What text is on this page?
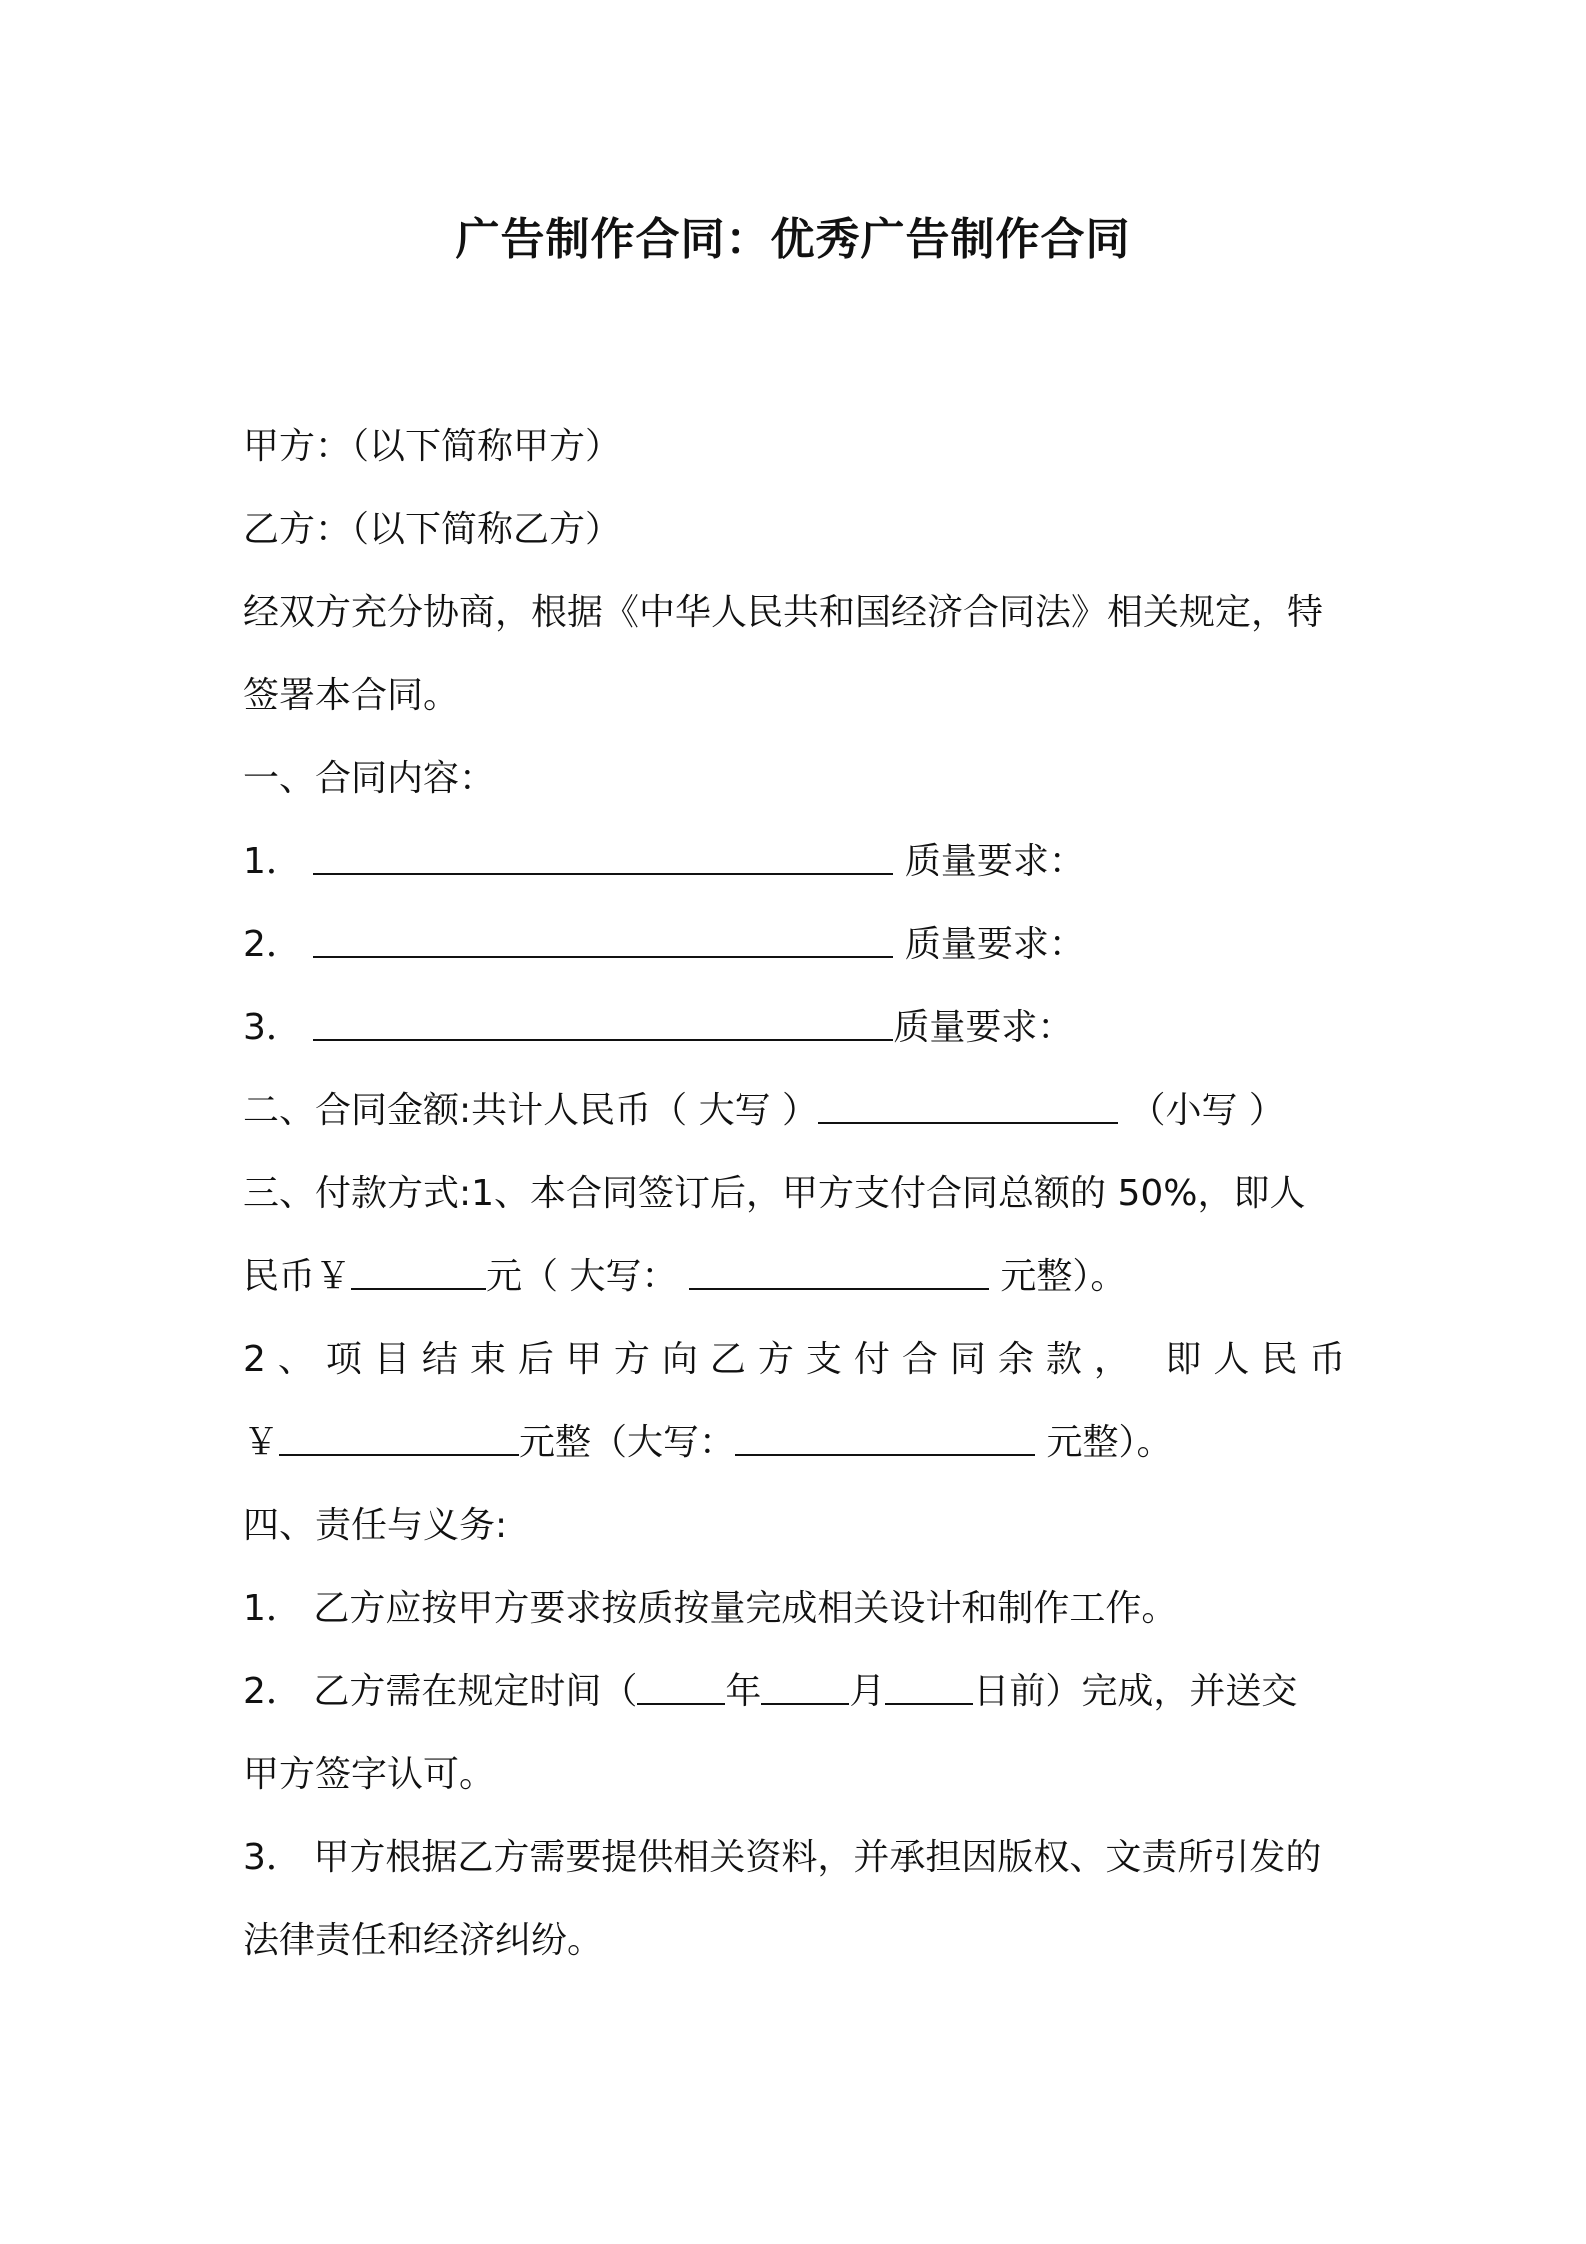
广告制作合同：优秀广告制作合同
甲方：（以下简称甲方）
乙方：（以下简称乙方）
经双方充分协商，根据《中华人民共和国经济合同法》相关规定，特
签署本合同。
一、合同内容：
1．	质量要求：
2．	质量要求：
3．	质量要求：
二、合同金额:共计人民币（ 大写 ）	（小写 ）
三、付款方式:1、本合同签订后，甲方支付合同总额的 50%，即人
民币￥	元（ 大写：	元整）。
2、项目结束后甲方向乙方支付合同余款， 即人民币
￥	元整（大写：	元整）。
四、责任与义务:
1． 乙方应按甲方要求按质按量完成相关设计和制作工作。
2． 乙方需在规定时间（ 年 月 日前）完成，并送交
甲方签字认可。
3． 甲方根据乙方需要提供相关资料，并承担因版权、文责所引发的
法律责任和经济纠纷。
